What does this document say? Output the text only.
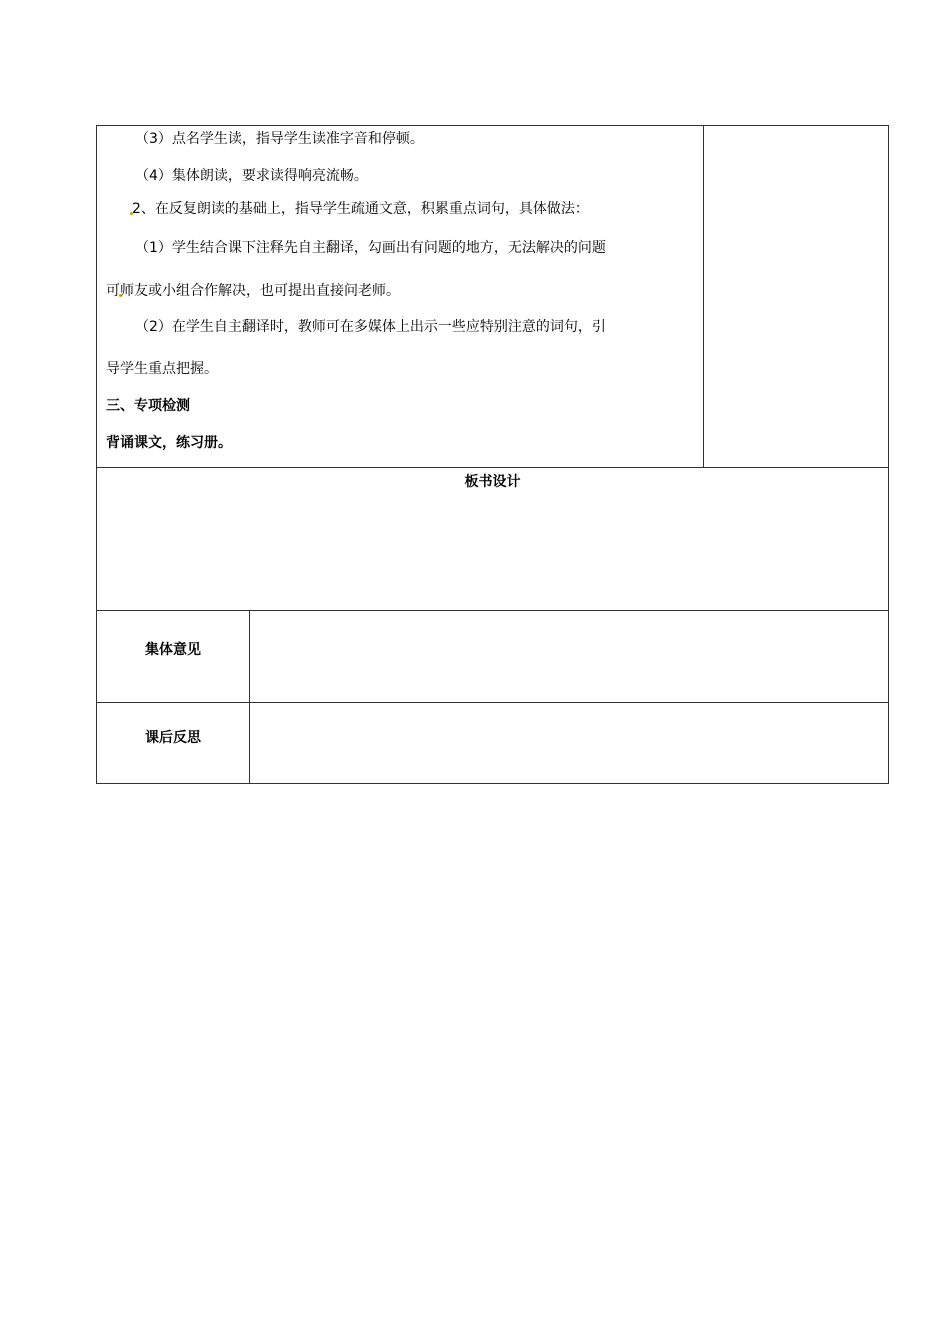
（3）点名学生读，指导学生读准字音和停顿。
（4）集体朗读，要求读得响亮流畅。
2、在反复朗读的基础上，指导学生疏通文意，积累重点词句，具体做法：
（1）学生结合课下注释先自主翻译，勾画出有问题的地方，无法解决的问题
可师友或小组合作解决，也可提出直接问老师。
（2）在学生自主翻译时，教师可在多媒体上出示一些应特别注意的词句，引
导学生重点把握。
三、专项检测
背诵课文，练习册。
板书设计
集体意见
课后反思
